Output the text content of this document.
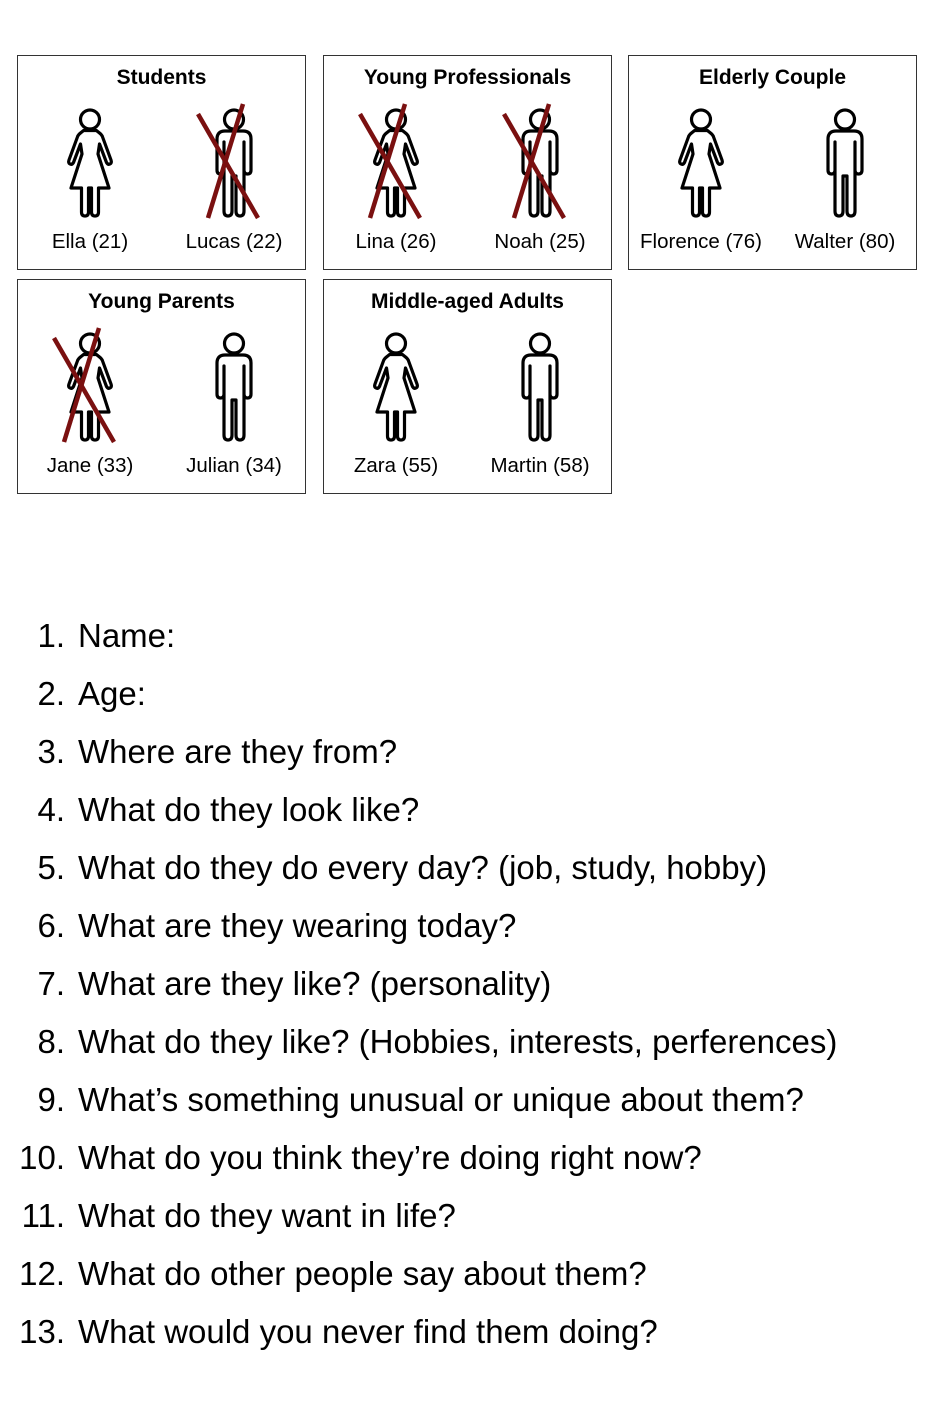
Students
Ella (21)	Lucas (22)
Young Professionals
Lina (26)	Noah (25)
Elderly Couple
Florence (76)	Walter (80)
Young Parents
Jane (33)	Julian (34)
Middle-aged Adults
Zara (55)	Martin (58)
1. Name:
2. Age:
3. Where are they from?
4. What do they look like?
5. What do they do every day? (job, study, hobby)
6. What are they wearing today?
7. What are they like? (personality)
8. What do they like? (Hobbies, interests, perferences)
9. What’s something unusual or unique about them?
10. What do you think they’re doing right now?
11. What do they want in life?
12. What do other people say about them?
13. What would you never find them doing?
